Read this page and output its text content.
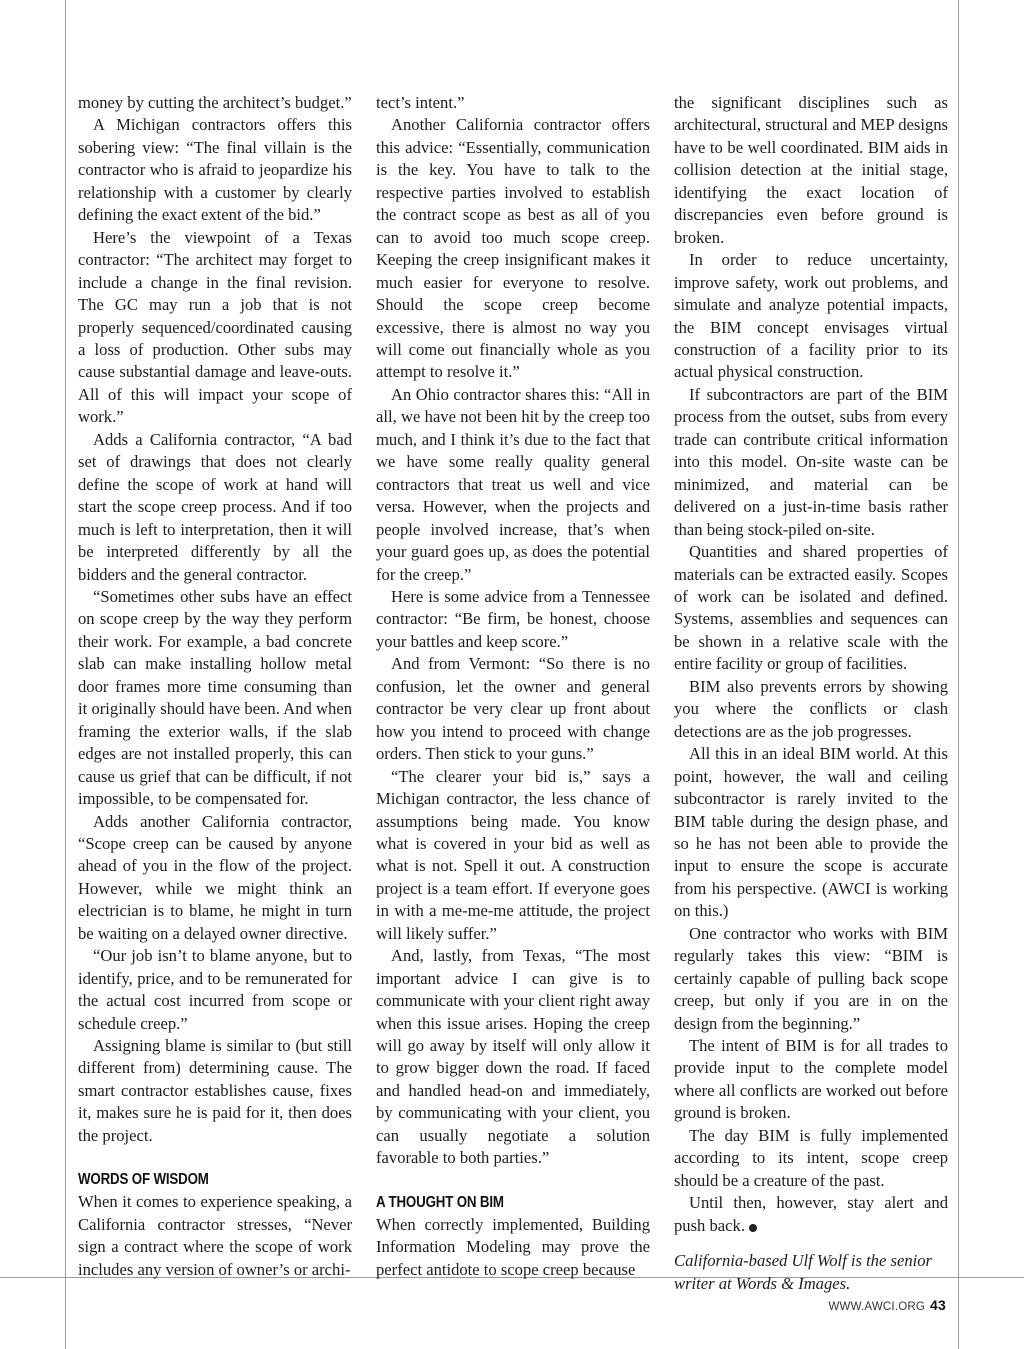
money by cutting the architect’s budget.”

A Michigan contractors offers this sobering view: “The final villain is the contractor who is afraid to jeopardize his relationship with a customer by clearly defining the exact extent of the bid.”

Here’s the viewpoint of a Texas contractor: “The architect may forget to include a change in the final revision. The GC may run a job that is not properly sequenced/coordinated causing a loss of production. Other subs may cause substantial damage and leave-outs. All of this will impact your scope of work.”

Adds a California contractor, “A bad set of drawings that does not clearly define the scope of work at hand will start the scope creep process. And if too much is left to interpretation, then it will be interpreted differently by all the bidders and the general contractor.

“Sometimes other subs have an effect on scope creep by the way they perform their work. For example, a bad concrete slab can make installing hollow metal door frames more time consuming than it originally should have been. And when framing the exterior walls, if the slab edges are not installed properly, this can cause us grief that can be difficult, if not impossible, to be compensated for.

Adds another California contractor, “Scope creep can be caused by anyone ahead of you in the flow of the project. However, while we might think an electrician is to blame, he might in turn be waiting on a delayed owner directive.

“Our job isn’t to blame anyone, but to identify, price, and to be remunerated for the actual cost incurred from scope or schedule creep.”

Assigning blame is similar to (but still different from) determining cause. The smart contractor establishes cause, fixes it, makes sure he is paid for it, then does the project.

WORDS OF WISDOM

When it comes to experience speaking, a California contractor stresses, “Never sign a contract where the scope of work includes any version of owner’s or archi-

tect’s intent.”

Another California contractor offers this advice: “Essentially, communication is the key. You have to talk to the respective parties involved to establish the contract scope as best as all of you can to avoid too much scope creep. Keeping the creep insignificant makes it much easier for everyone to resolve. Should the scope creep become excessive, there is almost no way you will come out financially whole as you attempt to resolve it.”

An Ohio contractor shares this: “All in all, we have not been hit by the creep too much, and I think it’s due to the fact that we have some really quality general contractors that treat us well and vice versa. However, when the projects and people involved increase, that’s when your guard goes up, as does the potential for the creep.”

Here is some advice from a Tennessee contractor: “Be firm, be honest, choose your battles and keep score.”

And from Vermont: “So there is no confusion, let the owner and general contractor be very clear up front about how you intend to proceed with change orders. Then stick to your guns.”

“The clearer your bid is,” says a Michigan contractor, the less chance of assumptions being made. You know what is covered in your bid as well as what is not. Spell it out. A construction project is a team effort. If everyone goes in with a me-me-me attitude, the project will likely suffer.”

And, lastly, from Texas, “The most important advice I can give is to communicate with your client right away when this issue arises. Hoping the creep will go away by itself will only allow it to grow bigger down the road. If faced and handled head-on and immediately, by communicating with your client, you can usually negotiate a solution favorable to both parties.”

A THOUGHT ON BIM

When correctly implemented, Building Information Modeling may prove the perfect antidote to scope creep because

the significant disciplines such as architectural, structural and MEP designs have to be well coordinated. BIM aids in collision detection at the initial stage, identifying the exact location of discrepancies even before ground is broken.

In order to reduce uncertainty, improve safety, work out problems, and simulate and analyze potential impacts, the BIM concept envisages virtual construction of a facility prior to its actual physical construction.

If subcontractors are part of the BIM process from the outset, subs from every trade can contribute critical information into this model. On-site waste can be minimized, and material can be delivered on a just-in-time basis rather than being stock-piled on-site.

Quantities and shared properties of materials can be extracted easily. Scopes of work can be isolated and defined. Systems, assemblies and sequences can be shown in a relative scale with the entire facility or group of facilities.

BIM also prevents errors by showing you where the conflicts or clash detections are as the job progresses.

All this in an ideal BIM world. At this point, however, the wall and ceiling subcontractor is rarely invited to the BIM table during the design phase, and so he has not been able to provide the input to ensure the scope is accurate from his perspective. (AWCI is working on this.)

One contractor who works with BIM regularly takes this view: “BIM is certainly capable of pulling back scope creep, but only if you are in on the design from the beginning.”

The intent of BIM is for all trades to provide input to the complete model where all conflicts are worked out before ground is broken.

The day BIM is fully implemented according to its intent, scope creep should be a creature of the past.

Until then, however, stay alert and push back.

California-based Ulf Wolf is the senior writer at Words & Images.

WWW.AWCI.ORG 43
